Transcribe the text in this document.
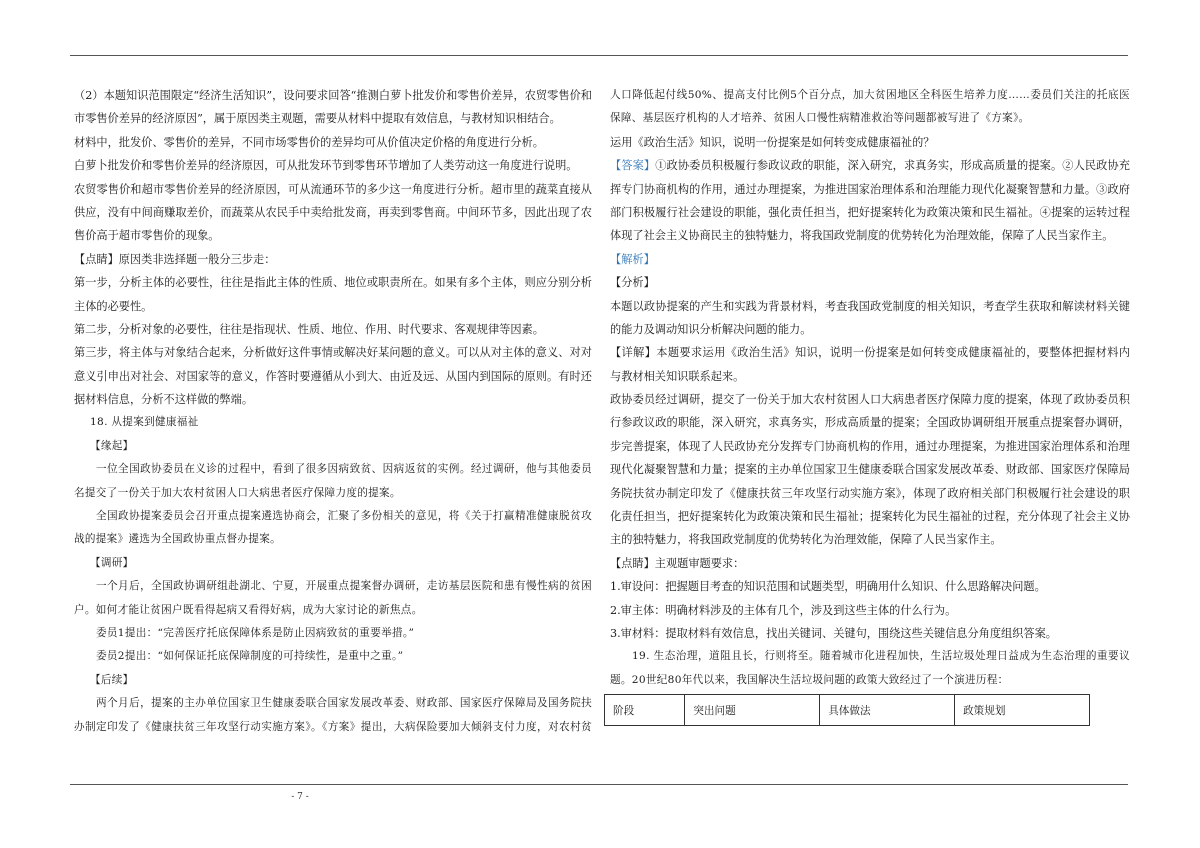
（2）本题知识范围限定“经济生活知识”，设问要求回答“推测白萝卜批发价和零售价差异，农贸零售价和
市零售价差异的经济原因”，属于原因类主观题，需要从材料中提取有效信息，与教材知识相结合。
材料中，批发价、零售价的差异，不同市场零售价的差异均可从价值决定价格的角度进行分析。
白萝卜批发价和零售价差异的经济原因，可从批发环节到零售环节增加了人类劳动这一角度进行说明。
农贸零售价和超市零售价差异的经济原因，可从流通环节的多少这一角度进行分析。超市里的蔬菜直接从
供应，没有中间商赚取差价，而蔬菜从农民手中卖给批发商，再卖到零售商。中间环节多，因此出现了农
售价高于超市零售价的现象。
【点睛】原因类非选择题一般分三步走：
第一步，分析主体的必要性，往往是指此主体的性质、地位或职责所在。如果有多个主体，则应分别分析
主体的必要性。
第二步，分析对象的必要性，往往是指现状、性质、地位、作用、时代要求、客观规律等因素。
第三步，将主体与对象结合起来，分析做好这件事情或解决好某问题的意义。可以从对主体的意义、对对
意义引申出对社会、对国家等的意义，作答时要遵循从小到大、由近及远、从国内到国际的原则。有时还
据材料信息，分析不这样做的弊端。
18. 从提案到健康福祉
【缘起】
一位全国政协委员在义诊的过程中，看到了很多因病致贫、因病返贫的实例。经过调研，他与其他委员
名提交了一份关于加大农村贫困人口大病患者医疗保障力度的提案。
全国政协提案委员会召开重点提案遴选协商会，汇聚了多份相关的意见，将《关于打赢精准健康脱贫攻
战的提案》遴选为全国政协重点督办提案。
【调研】
一个月后，全国政协调研组赴湖北、宁夏，开展重点提案督办调研，走访基层医院和患有慢性病的贫困
户。如何才能让贫困户既看得起病又看得好病，成为大家讨论的新焦点。
委员1提出：“完善医疗托底保障体系是防止因病致贫的重要举措。”
委员2提出：“如何保证托底保障制度的可持续性，是重中之重。”
【后续】
两个月后，提案的主办单位国家卫生健康委联合国家发展改革委、财政部、国家医疗保障局及国务院扶
办制定印发了《健康扶贫三年攻坚行动实施方案》。《方案》提出，大病保险要加大倾斜支付力度，对农村贫
人口降低起付线50%、提高支付比例5个百分点，加大贫困地区全科医生培养力度……委员们关注的托底医
保障、基层医疗机构的人才培养、贫困人口慢性病精准救治等问题都被写进了《方案》。
运用《政治生活》知识，说明一份提案是如何转变成健康福祉的？
【答案】①政协委员积极履行参政议政的职能，深入研究，求真务实，形成高质量的提案。②人民政协充
挥专门协商机构的作用，通过办理提案，为推进国家治理体系和治理能力现代化凝聚智慧和力量。③政府
部门积极履行社会建设的职能，强化责任担当，把好提案转化为政策决策和民生福祉。④提案的运转过程
体现了社会主义协商民主的独特魅力，将我国政党制度的优势转化为治理效能，保障了人民当家作主。
【解析】
【分析】
本题以政协提案的产生和实践为背景材料，考查我国政党制度的相关知识，考查学生获取和解读材料关键
的能力及调动知识分析解决问题的能力。
【详解】本题要求运用《政治生活》知识，说明一份提案是如何转变成健康福祉的，要整体把握材料内
与教材相关知识联系起来。
政协委员经过调研，提交了一份关于加大农村贫困人口大病患者医疗保障力度的提案，体现了政协委员积
行参政议政的职能，深入研究，求真务实，形成高质量的提案；全国政协调研组开展重点提案督办调研，
步完善提案，体现了人民政协充分发挥专门协商机构的作用，通过办理提案，为推进国家治理体系和治理
现代化凝聚智慧和力量；提案的主办单位国家卫生健康委联合国家发展改革委、财政部、国家医疗保障局
务院扶贫办制定印发了《健康扶贫三年攻坚行动实施方案》，体现了政府相关部门积极履行社会建设的职
化责任担当，把好提案转化为政策决策和民生福祉；提案转化为民生福祉的过程，充分体现了社会主义协
主的独特魅力，将我国政党制度的优势转化为治理效能，保障了人民当家作主。
【点睛】主观题审题要求：
1.审设问：把握题目考查的知识范围和试题类型，明确用什么知识、什么思路解决问题。
2.审主体：明确材料涉及的主体有几个，涉及到这些主体的什么行为。
3.审材料：提取材料有效信息，找出关键词、关键句，围绕这些关键信息分角度组织答案。
19. 生态治理，道阻且长，行则将至。随着城市化进程加快，生活垃圾处理日益成为生态治理的重要议
题。20世纪80年代以来，我国解决生活垃圾问题的政策大致经过了一个演进历程：
阶段	突出问题	具体做法	政策规划
- 7 -
